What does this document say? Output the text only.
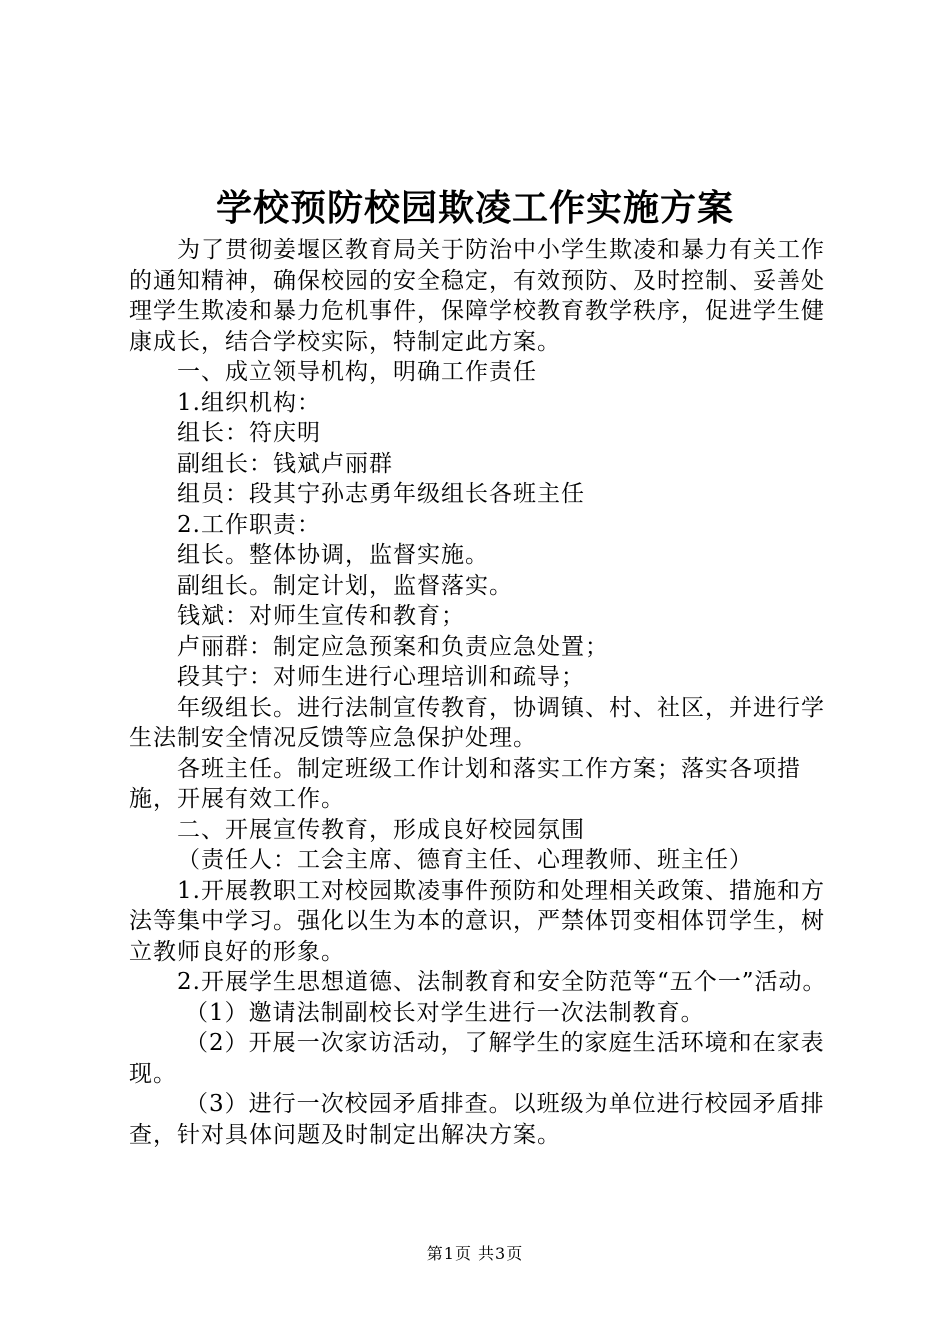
学校预防校园欺凌工作实施方案

为了贯彻姜堰区教育局关于防治中小学生欺凌和暴力有关工作的通知精神，确保校园的安全稳定，有效预防、及时控制、妥善处理学生欺凌和暴力危机事件，保障学校教育教学秩序，促进学生健康成长，结合学校实际，特制定此方案。

一、成立领导机构，明确工作责任

1.组织机构：

组长：符庆明

副组长：钱斌卢丽群

组员：段其宁孙志勇年级组长各班主任

2.工作职责：

组长。整体协调，监督实施。

副组长。制定计划，监督落实。

钱斌：对师生宣传和教育；

卢丽群：制定应急预案和负责应急处置；

段其宁：对师生进行心理培训和疏导；

年级组长。进行法制宣传教育，协调镇、村、社区，并进行学生法制安全情况反馈等应急保护处理。

各班主任。制定班级工作计划和落实工作方案；落实各项措施，开展有效工作。

二、开展宣传教育，形成良好校园氛围

（责任人：工会主席、德育主任、心理教师、班主任）

1.开展教职工对校园欺凌事件预防和处理相关政策、措施和方法等集中学习。强化以生为本的意识，严禁体罚变相体罚学生，树立教师良好的形象。

2.开展学生思想道德、法制教育和安全防范等“五个一”活动。

（1）邀请法制副校长对学生进行一次法制教育。

（2）开展一次家访活动，了解学生的家庭生活环境和在家表现。

（3）进行一次校园矛盾排查。以班级为单位进行校园矛盾排查，针对具体问题及时制定出解决方案。

第1页 共3页
